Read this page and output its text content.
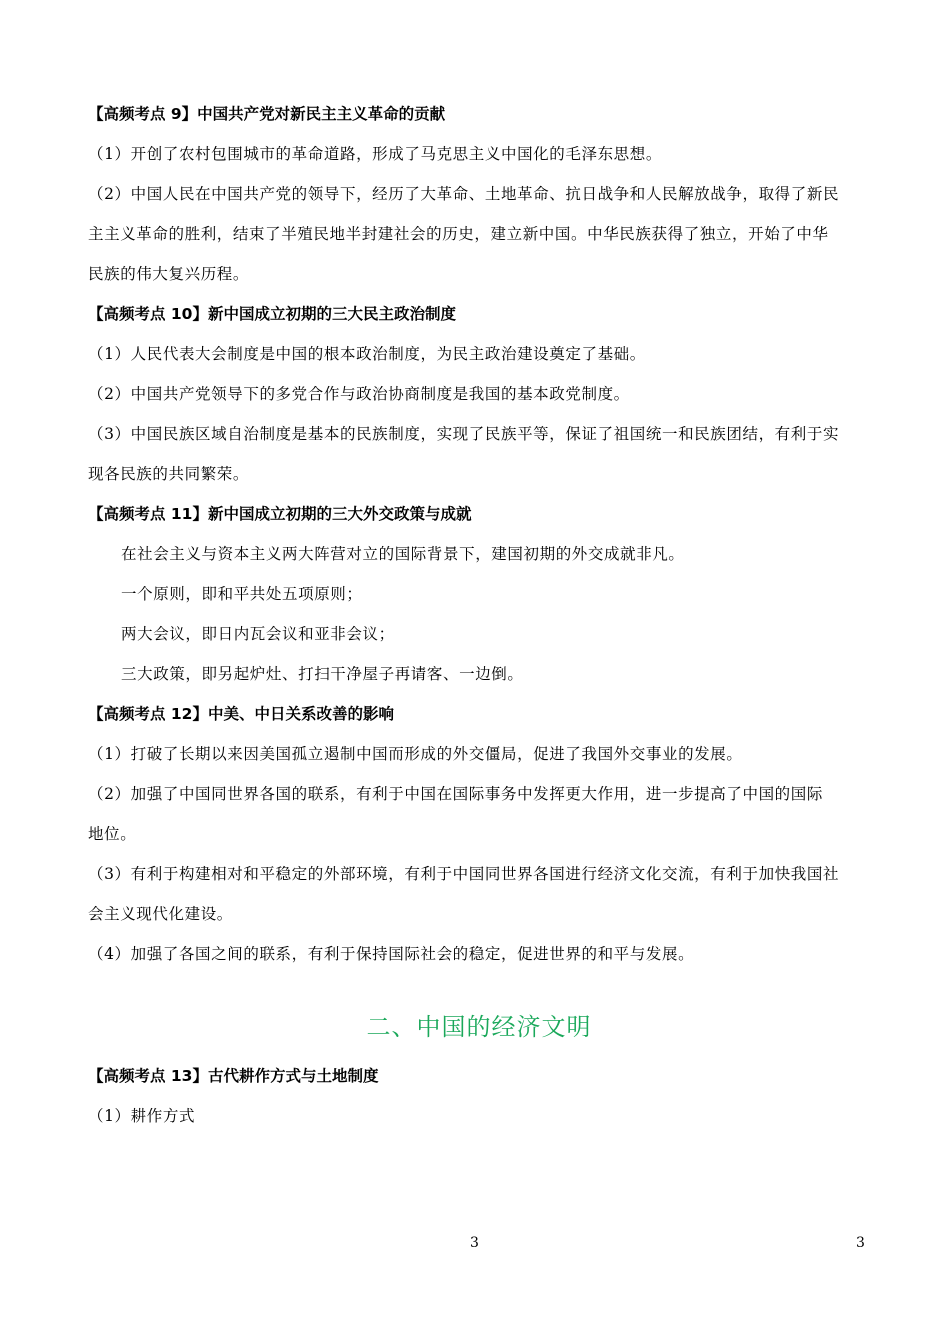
【高频考点 9】中国共产党对新民主主义革命的贡献
（1）开创了农村包围城市的革命道路，形成了马克思主义中国化的毛泽东思想。
（2）中国人民在中国共产党的领导下，经历了大革命、土地革命、抗日战争和人民解放战争，取得了新民
主主义革命的胜利，结束了半殖民地半封建社会的历史，建立新中国。中华民族获得了独立，开始了中华
民族的伟大复兴历程。
【高频考点 10】新中国成立初期的三大民主政治制度
（1）人民代表大会制度是中国的根本政治制度，为民主政治建设奠定了基础。
（2）中国共产党领导下的多党合作与政治协商制度是我国的基本政党制度。
（3）中国民族区域自治制度是基本的民族制度，实现了民族平等，保证了祖国统一和民族团结，有利于实
现各民族的共同繁荣。
【高频考点 11】新中国成立初期的三大外交政策与成就
在社会主义与资本主义两大阵营对立的国际背景下，建国初期的外交成就非凡。
一个原则，即和平共处五项原则；
两大会议，即日内瓦会议和亚非会议；
三大政策，即另起炉灶、打扫干净屋子再请客、一边倒。
【高频考点 12】中美、中日关系改善的影响
（1）打破了长期以来因美国孤立遏制中国而形成的外交僵局，促进了我国外交事业的发展。
（2）加强了中国同世界各国的联系，有利于中国在国际事务中发挥更大作用，进一步提高了中国的国际
地位。
（3）有利于构建相对和平稳定的外部环境，有利于中国同世界各国进行经济文化交流，有利于加快我国社
会主义现代化建设。
（4）加强了各国之间的联系，有利于保持国际社会的稳定，促进世界的和平与发展。
二、中国的经济文明
【高频考点 13】古代耕作方式与土地制度
（1）耕作方式
3	3
